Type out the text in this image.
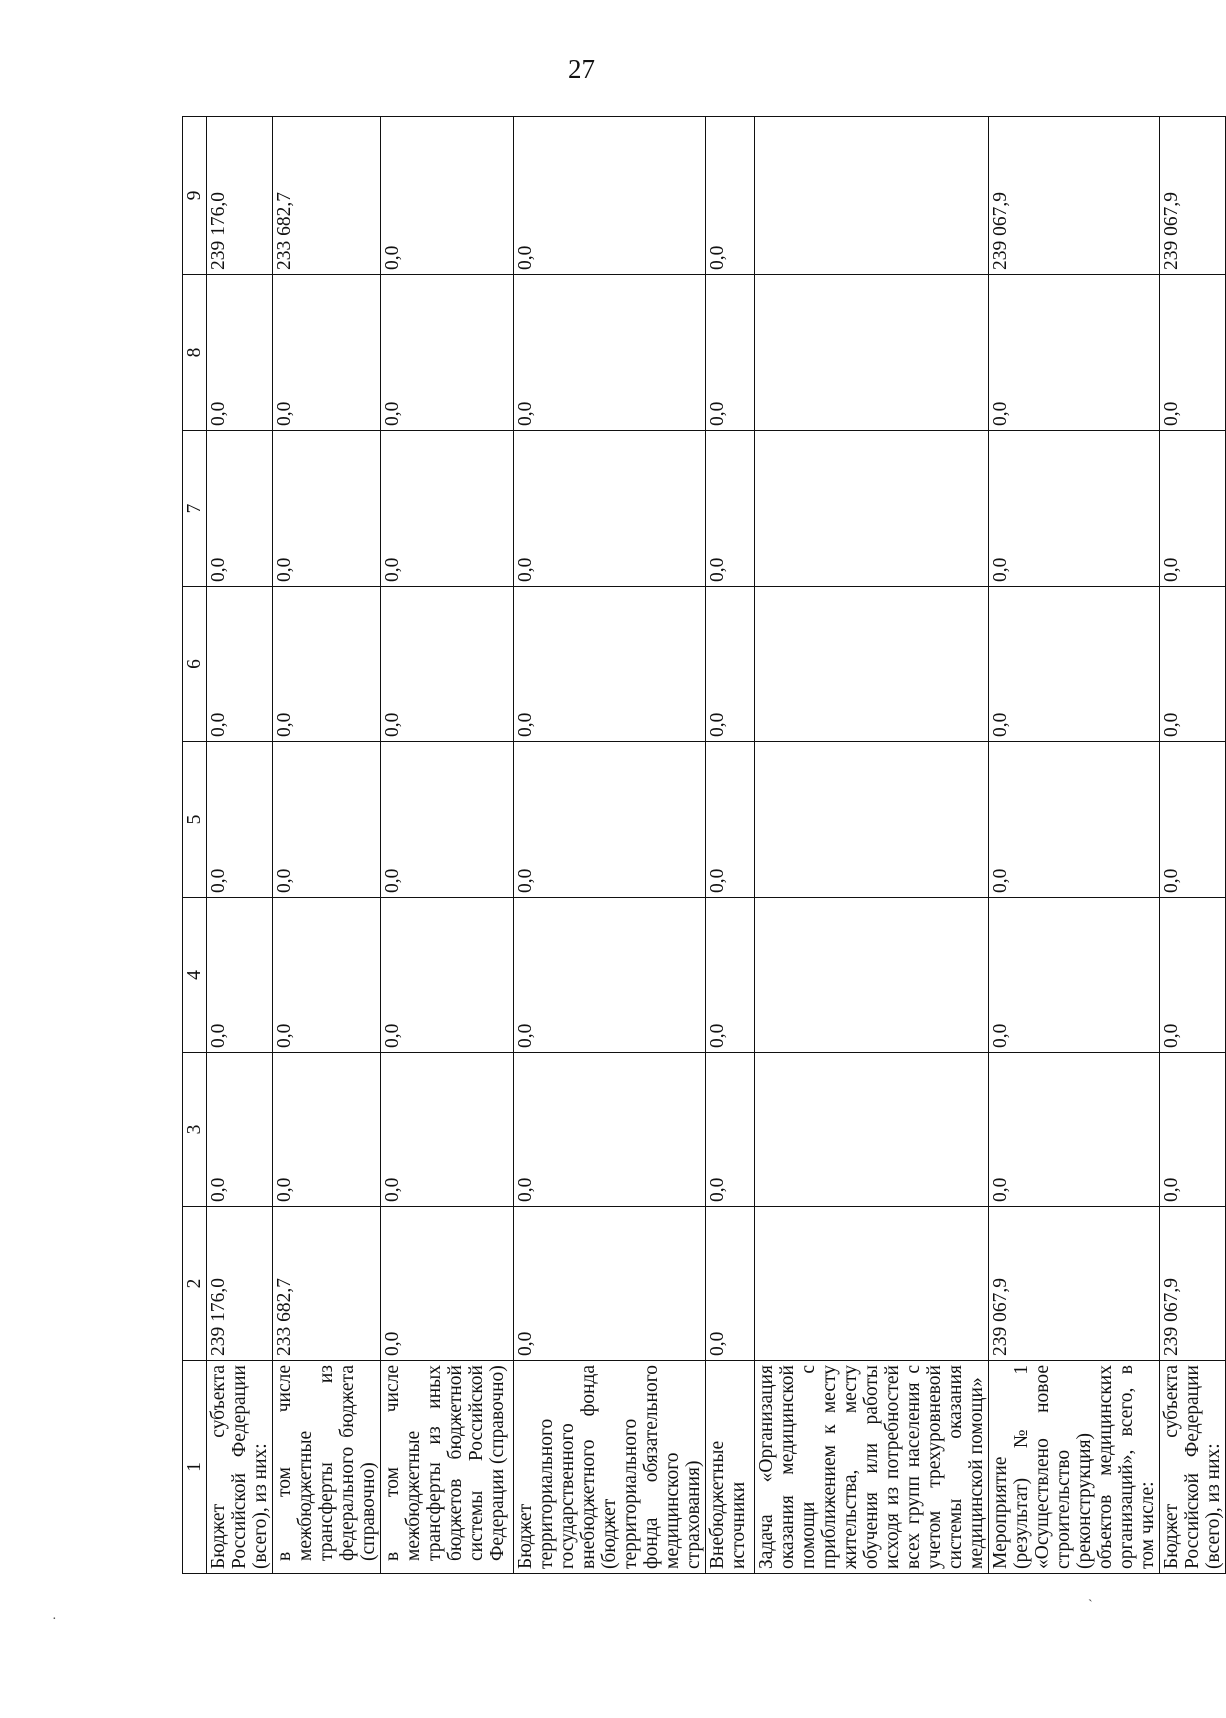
27
1	2	3	4	5	6	7	8	9
Бюджет субъекта Российской Федерации (всего), из них:	239 176,0	0,0	0,0	0,0	0,0	0,0	0,0	239 176,0
в том числе межбюджетные трансферты из федерального бюджета (справочно)	233 682,7	0,0	0,0	0,0	0,0	0,0	0,0	233 682,7
в том числе межбюджетные трансферты из иных бюджетов бюджетной системы Российской Федерации (справочно)	0,0	0,0	0,0	0,0	0,0	0,0	0,0	0,0
Бюджет территориального государственного внебюджетного фонда (бюджет территориального фонда обязательного медицинского страхования)	0,0	0,0	0,0	0,0	0,0	0,0	0,0	0,0
Внебюджетные источники	0,0	0,0	0,0	0,0	0,0	0,0	0,0	0,0
Задача «Организация оказания медицинской помощи с приближением к месту жительства, месту обучения или работы исходя из потребностей всех групп населения с учетом трехуровневой системы оказания медицинской помощи»								
Мероприятие (результат) № 1 «Осуществлено новое строительство (реконструкция) объектов медицинских организаций», всего, в том числе:	239 067,9	0,0	0,0	0,0	0,0	0,0	0,0	239 067,9
Бюджет субъекта Российской Федерации (всего), из них:	239 067,9	0,0	0,0	0,0	0,0	0,0	0,0	239 067,9
·
`
